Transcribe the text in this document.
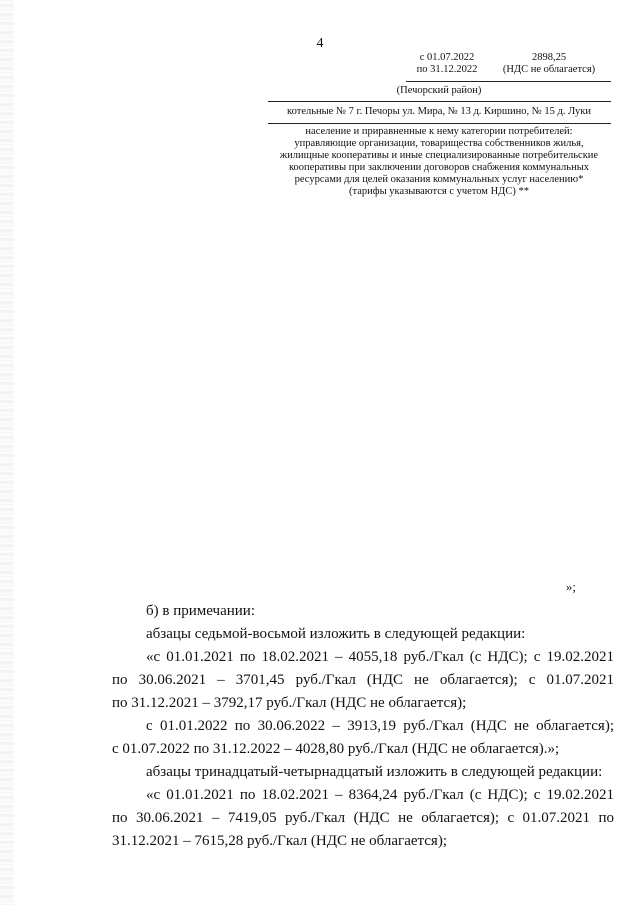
4
с 01.07.2022
по 31.12.2022
2898,25
(НДС не облагается)
(Печорский район)
котельные № 7 г. Печоры ул. Мира, № 13 д. Киршино, № 15 д. Луки
население и приравненные к нему категории потребителей:
управляющие организации, товарищества собственников жилья,
жилищные кооперативы и иные специализированные потребительские
кооперативы при заключении договоров снабжения коммунальных
ресурсами для целей оказания коммунальных услуг населению*
(тарифы указываются с учетом НДС) **
»;
б) в примечании:
абзацы седьмой-восьмой изложить в следующей редакции:
«с 01.01.2021 по 18.02.2021 – 4055,18 руб./Гкал (с НДС); с 19.02.2021
по 30.06.2021 – 3701,45 руб./Гкал (НДС не облагается); с 01.07.2021
по 31.12.2021 – 3792,17 руб./Гкал (НДС не облагается);
с 01.01.2022 по 30.06.2022 – 3913,19 руб./Гкал (НДС не облагается);
с 01.07.2022 по 31.12.2022 – 4028,80 руб./Гкал (НДС не облагается).»;
абзацы тринадцатый-четырнадцатый изложить в следующей редакции:
«с 01.01.2021 по 18.02.2021 – 8364,24 руб./Гкал (с НДС); с 19.02.2021
по 30.06.2021 – 7419,05 руб./Гкал (НДС не облагается); с 01.07.2021 по
31.12.2021 – 7615,28 руб./Гкал (НДС не облагается);
